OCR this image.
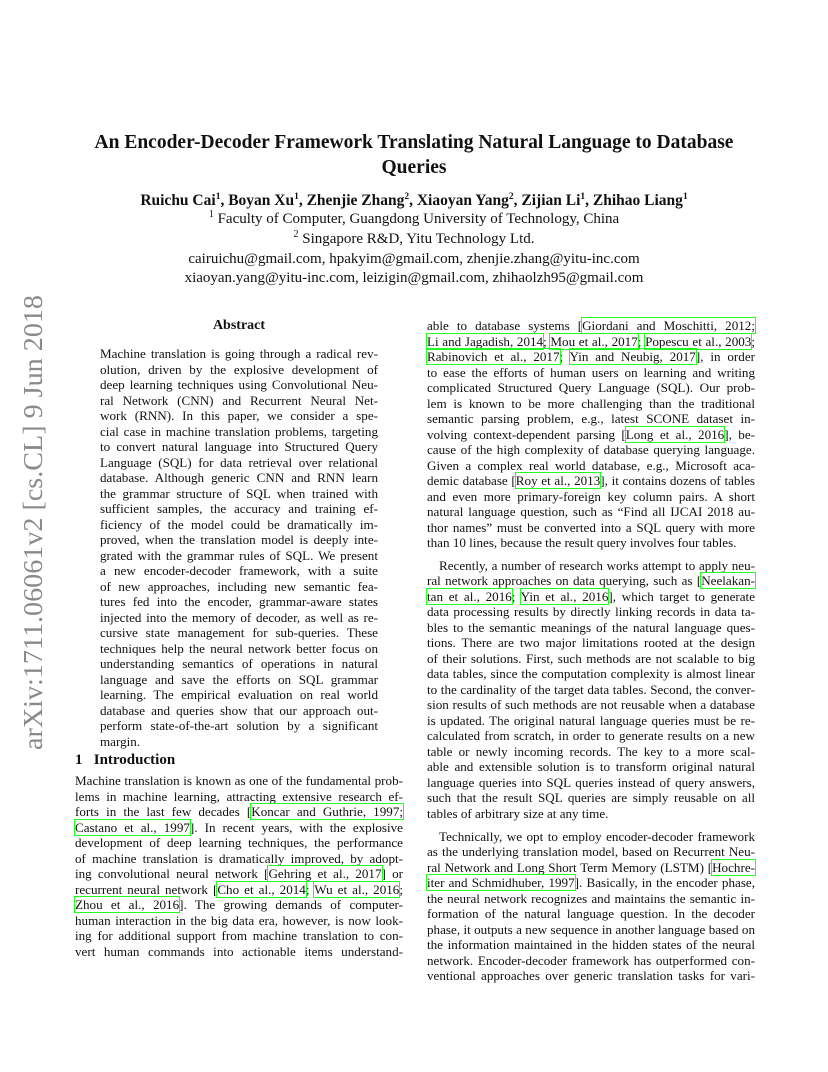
arXiv:1711.06061v2 [cs.CL] 9 Jun 2018
An Encoder-Decoder Framework Translating Natural Language to Database
Queries
Ruichu Cai$^1$, Boyan Xu$^1$, Zhenjie Zhang$^2$, Xiaoyan Yang$^2$, Zijian Li$^1$, Zhihao Liang$^1$
$^1$ Faculty of Computer, Guangdong University of Technology, China
$^2$ Singapore R&D, Yitu Technology Ltd.
cairuichu@gmail.com, hpakyim@gmail.com, zhenjie.zhang@yitu-inc.com
xiaoyan.yang@yitu-inc.com, leizigin@gmail.com, zhihaolzh95@gmail.com
Abstract
Machine translation is going through a radical rev-
olution, driven by the explosive development of
deep learning techniques using Convolutional Neu-
ral Network (CNN) and Recurrent Neural Net-
work (RNN). In this paper, we consider a spe-
cial case in machine translation problems, targeting
to convert natural language into Structured Query
Language (SQL) for data retrieval over relational
database. Although generic CNN and RNN learn
the grammar structure of SQL when trained with
sufficient samples, the accuracy and training ef-
ficiency of the model could be dramatically im-
proved, when the translation model is deeply inte-
grated with the grammar rules of SQL. We present
a new encoder-decoder framework, with a suite
of new approaches, including new semantic fea-
tures fed into the encoder, grammar-aware states
injected into the memory of decoder, as well as re-
cursive state management for sub-queries. These
techniques help the neural network better focus on
understanding semantics of operations in natural
language and save the efforts on SQL grammar
learning. The empirical evaluation on real world
database and queries show that our approach out-
perform state-of-the-art solution by a significant
margin.
1 Introduction
Machine translation is known as one of the fundamental prob-
lems in machine learning, attracting extensive research ef-
forts in the last few decades [Koncar and Guthrie, 1997;
Castano et al., 1997]. In recent years, with the explosive
development of deep learning techniques, the performance
of machine translation is dramatically improved, by adopt-
ing convolutional neural network [Gehring et al., 2017] or
recurrent neural network [Cho et al., 2014; Wu et al., 2016;
Zhou et al., 2016]. The growing demands of computer-
human interaction in the big data era, however, is now look-
ing for additional support from machine translation to con-
vert human commands into actionable items understand-
able to database systems [Giordani and Moschitti, 2012;
Li and Jagadish, 2014; Mou et al., 2017; Popescu et al., 2003;
Rabinovich et al., 2017; Yin and Neubig, 2017], in order
to ease the efforts of human users on learning and writing
complicated Structured Query Language (SQL). Our prob-
lem is known to be more challenging than the traditional
semantic parsing problem, e.g., latest SCONE dataset in-
volving context-dependent parsing [Long et al., 2016], be-
cause of the high complexity of database querying language.
Given a complex real world database, e.g., Microsoft aca-
demic database [Roy et al., 2013], it contains dozens of tables
and even more primary-foreign key column pairs. A short
natural language question, such as “Find all IJCAI 2018 au-
thor names” must be converted into a SQL query with more
than 10 lines, because the result query involves four tables.
Recently, a number of research works attempt to apply neu-
ral network approaches on data querying, such as [Neelakan-
tan et al., 2016; Yin et al., 2016], which target to generate
data processing results by directly linking records in data ta-
bles to the semantic meanings of the natural language ques-
tions. There are two major limitations rooted at the design
of their solutions. First, such methods are not scalable to big
data tables, since the computation complexity is almost linear
to the cardinality of the target data tables. Second, the conver-
sion results of such methods are not reusable when a database
is updated. The original natural language queries must be re-
calculated from scratch, in order to generate results on a new
table or newly incoming records. The key to a more scal-
able and extensible solution is to transform original natural
language queries into SQL queries instead of query answers,
such that the result SQL queries are simply reusable on all
tables of arbitrary size at any time.
Technically, we opt to employ encoder-decoder framework
as the underlying translation model, based on Recurrent Neu-
ral Network and Long Short Term Memory (LSTM) [Hochre-
iter and Schmidhuber, 1997]. Basically, in the encoder phase,
the neural network recognizes and maintains the semantic in-
formation of the natural language question. In the decoder
phase, it outputs a new sequence in another language based on
the information maintained in the hidden states of the neural
network. Encoder-decoder framework has outperformed con-
ventional approaches over generic translation tasks for vari-
